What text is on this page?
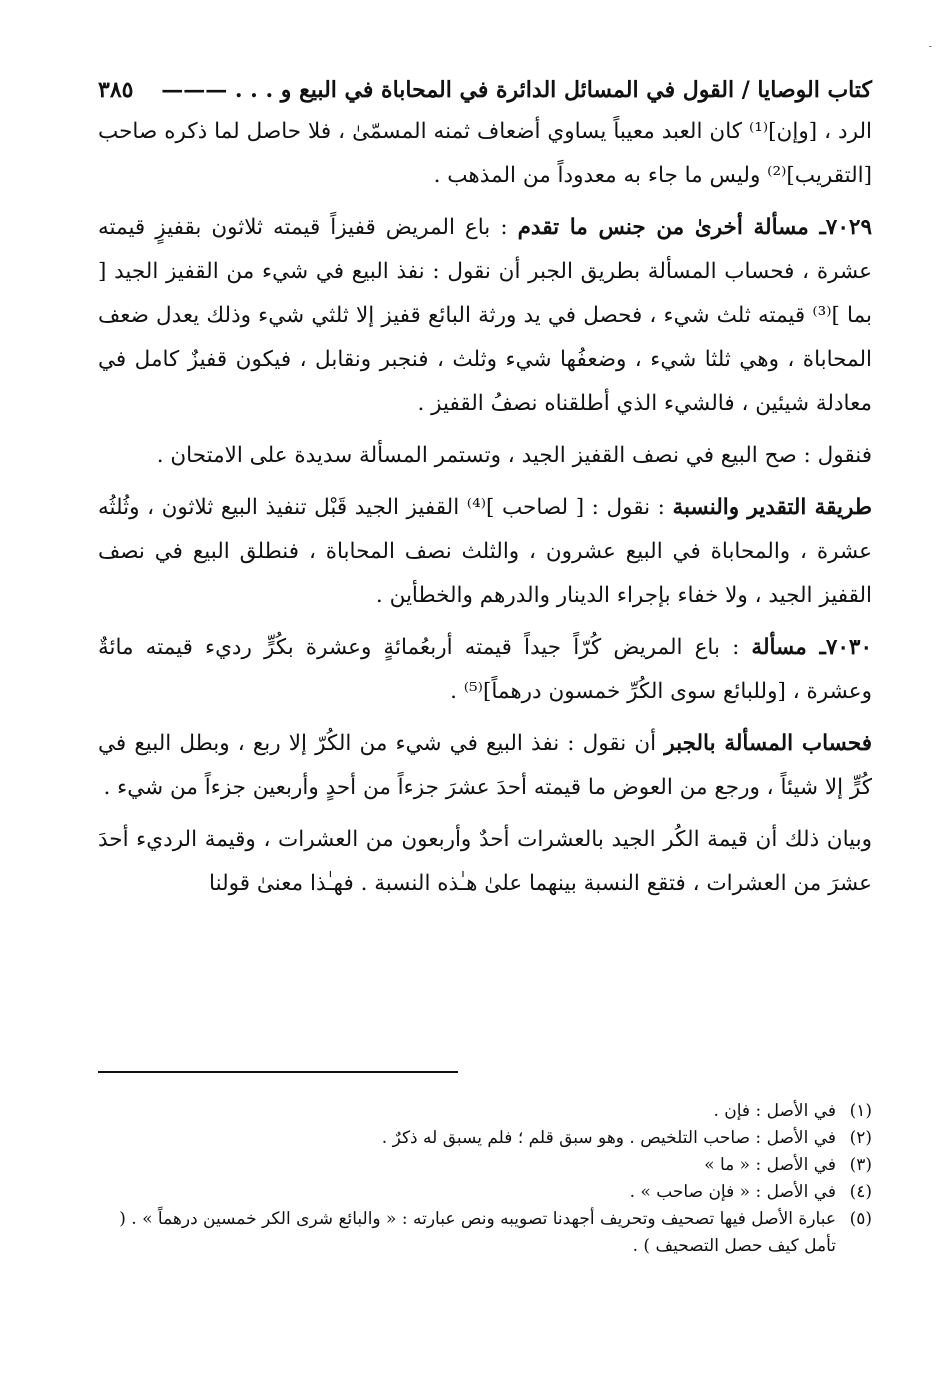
ـ
كتاب الوصايا / القول في المسائل الدائرة في المحاباة في البيع و . . . ———
٣٨٥

الرد ، [وإن]⁽¹⁾ كان العبد معيباً يساوي أضعاف ثمنه المسمّىٰ ، فلا حاصل لما ذكره صاحب [التقريب]⁽²⁾ وليس ما جاء به معدوداً من المذهب .

٧٠٢٩ـ مسألة أخرىٰ من جنس ما تقدم : باع المريض قفيزاً قيمته ثلاثون بقفيزٍ قيمته عشرة ، فحساب المسألة بطريق الجبر أن نقول : نفذ البيع في شيء من القفيز الجيد [ بما ]⁽³⁾ قيمته ثلث شيء ، فحصل في يد ورثة البائع قفيز إلا ثلثي شيء وذلك يعدل ضعف المحاباة ، وهي ثلثا شيء ، وضعفُها شيء وثلث ، فنجبر ونقابل ، فيكون قفيزٌ كامل في معادلة شيئين ، فالشيء الذي أطلقناه نصفُ القفيز .

فنقول : صح البيع في نصف القفيز الجيد ، وتستمر المسألة سديدة على الامتحان .

طريقة التقدير والنسبة : نقول : [ لصاحب ]⁽⁴⁾ القفيز الجيد قَبْل تنفيذ البيع ثلاثون ، وثُلثُه عشرة ، والمحاباة في البيع عشرون ، والثلث نصف المحاباة ، فنطلق البيع في نصف القفيز الجيد ، ولا خفاء بإجراء الدينار والدرهم والخطأين .

٧٠٣٠ـ مسألة : باع المريض كُرّاً جيداً قيمته أربعُمائةٍ وعشرة بكُرٍّ رديء قيمته مائةٌ وعشرة ، [وللبائع سوى الكُرِّ خمسون درهماً]⁽⁵⁾ .

فحساب المسألة بالجبر أن نقول : نفذ البيع في شيء من الكُرّ إلا ربع ، وبطل البيع في كُرٍّ إلا شيئاً ، ورجع من العوض ما قيمته أحدَ عشرَ جزءاً من أحدٍ وأربعين جزءاً من شيء .

وبيان ذلك أن قيمة الكُر الجيد بالعشرات أحدٌ وأربعون من العشرات ، وقيمة الرديء أحدَ عشرَ من العشرات ، فتقع النسبة بينهما علىٰ هـٰذه النسبة . فهـٰذا معنىٰ قولنا

(١)
في الأصل : فإن .
(٢)
في الأصل : صاحب التلخيص . وهو سبق قلم ؛ فلم يسبق له ذكرٌ .
(٣)
في الأصل : « ما »
(٤)
في الأصل : « فإن صاحب » .
(٥)
عبارة الأصل فيها تصحيف وتحريف أجهدنا تصويبه ونص عبارته : « والبائع شرى الكر خمسين درهماً » . ( تأمل كيف حصل التصحيف ) .
